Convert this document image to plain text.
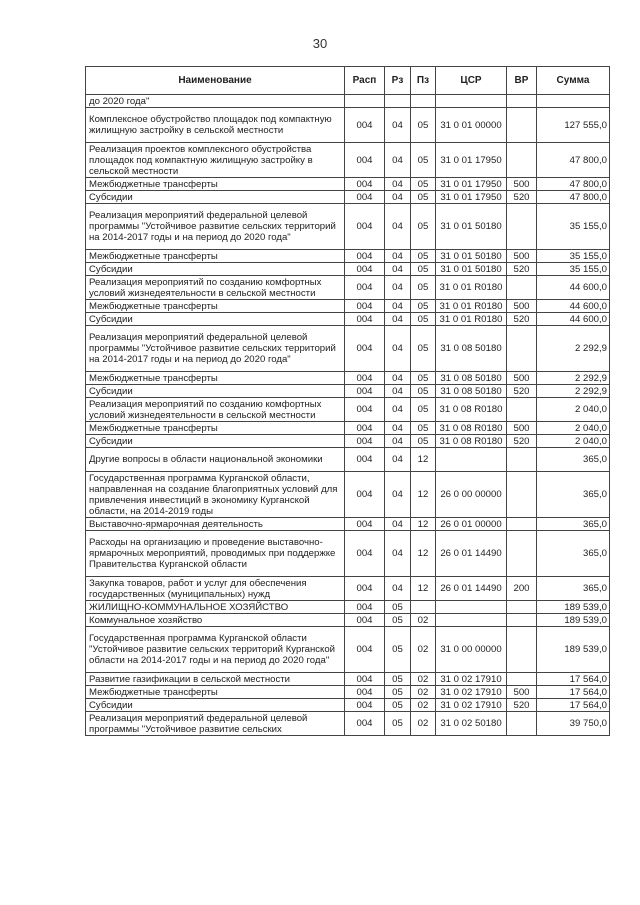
30
Наименование	Расп	Рз	Пз	ЦСР	ВР	Сумма
до 2020 года"						
Комплексное обустройство площадок под компактную жилищную застройку в сельской местности	004	04	05	31 0 01 00000		127 555,0
Реализация проектов комплексного обустройства площадок под компактную жилищную застройку в сельской местности	004	04	05	31 0 01 17950		47 800,0
Межбюджетные трансферты	004	04	05	31 0 01 17950	500	47 800,0
Субсидии	004	04	05	31 0 01 17950	520	47 800,0
Реализация мероприятий федеральной целевой программы "Устойчивое развитие сельских территорий на 2014-2017 годы и на период до 2020 года"	004	04	05	31 0 01 50180		35 155,0
Межбюджетные трансферты	004	04	05	31 0 01 50180	500	35 155,0
Субсидии	004	04	05	31 0 01 50180	520	35 155,0
Реализация мероприятий по созданию комфортных условий жизнедеятельности в сельской местности	004	04	05	31 0 01 R0180		44 600,0
Межбюджетные трансферты	004	04	05	31 0 01 R0180	500	44 600,0
Субсидии	004	04	05	31 0 01 R0180	520	44 600,0
Реализация мероприятий федеральной целевой программы "Устойчивое развитие сельских территорий на 2014-2017 годы и на период до 2020 года"	004	04	05	31 0 08 50180		2 292,9
Межбюджетные трансферты	004	04	05	31 0 08 50180	500	2 292,9
Субсидии	004	04	05	31 0 08 50180	520	2 292,9
Реализация мероприятий по созданию комфортных условий жизнедеятельности в сельской местности	004	04	05	31 0 08 R0180		2 040,0
Межбюджетные трансферты	004	04	05	31 0 08 R0180	500	2 040,0
Субсидии	004	04	05	31 0 08 R0180	520	2 040,0
Другие вопросы в области национальной экономики	004	04	12			365,0
Государственная программа Курганской области, направленная на создание благоприятных условий для привлечения инвестиций в экономику Курганской области, на 2014-2019 годы	004	04	12	26 0 00 00000		365,0
Выставочно-ярмарочная деятельность	004	04	12	26 0 01 00000		365,0
Расходы на организацию и проведение выставочно-ярмарочных мероприятий, проводимых при поддержке Правительства Курганской области	004	04	12	26 0 01 14490		365,0
Закупка товаров, работ и услуг для обеспечения государственных (муниципальных) нужд	004	04	12	26 0 01 14490	200	365,0
ЖИЛИЩНО-КОММУНАЛЬНОЕ ХОЗЯЙСТВО	004	05				189 539,0
Коммунальное хозяйство	004	05	02			189 539,0
Государственная программа Курганской области "Устойчивое развитие сельских территорий Курганской области на 2014-2017 годы и на период до 2020 года"	004	05	02	31 0 00 00000		189 539,0
Развитие газификации в сельской местности	004	05	02	31 0 02 17910		17 564,0
Межбюджетные трансферты	004	05	02	31 0 02 17910	500	17 564,0
Субсидии	004	05	02	31 0 02 17910	520	17 564,0
Реализация мероприятий федеральной целевой программы "Устойчивое развитие сельских	004	05	02	31 0 02 50180		39 750,0
